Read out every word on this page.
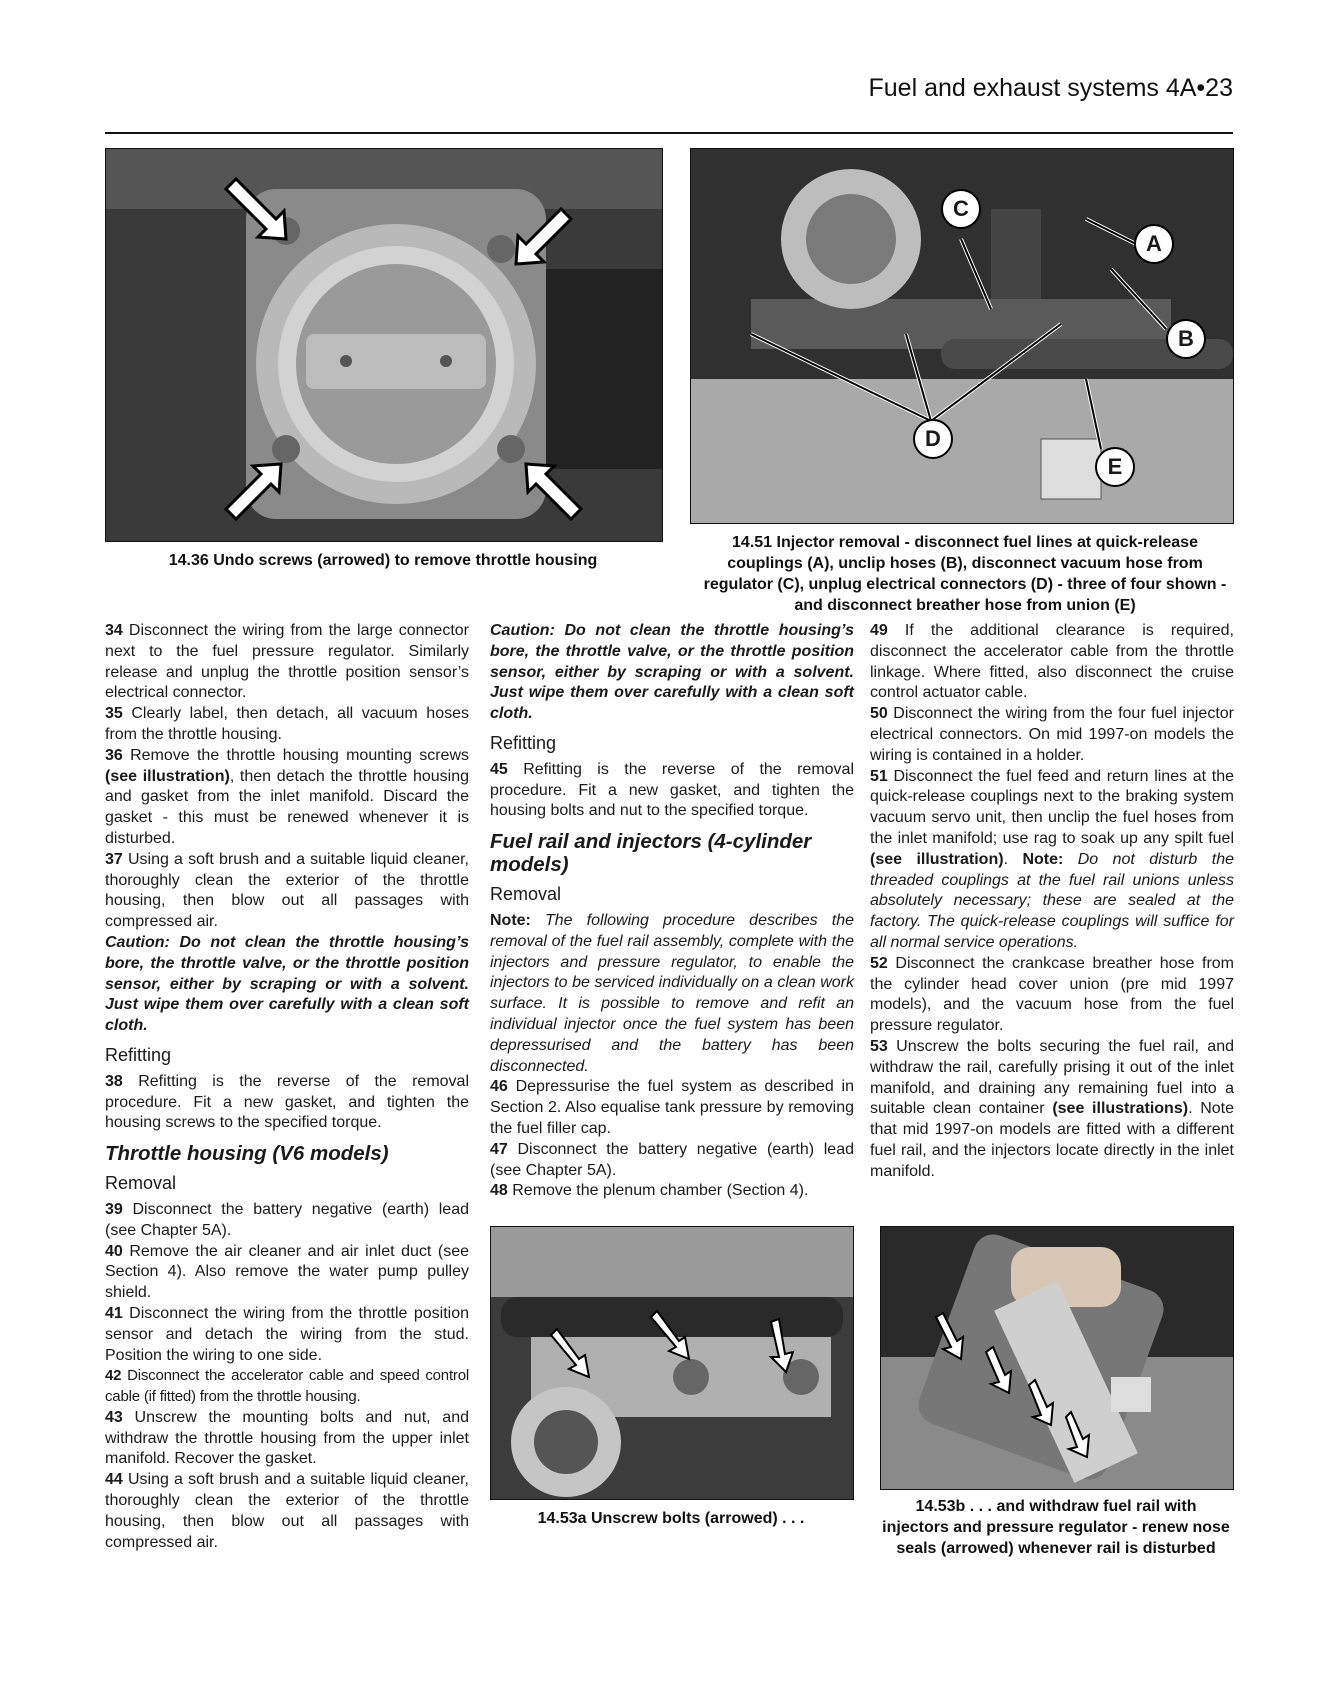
Fuel and exhaust systems 4A•23
14.36 Undo screws (arrowed) to remove throttle housing
A
B
C
D
E
14.51 Injector removal - disconnect fuel lines at quick-release couplings (A), unclip hoses (B), disconnect vacuum hose from regulator (C), unplug electrical connectors (D) - three of four shown - and disconnect breather hose from union (E)

34 Disconnect the wiring from the large connector next to the fuel pressure regulator. Similarly release and unplug the throttle position sensor’s electrical connector.

35 Clearly label, then detach, all vacuum hoses from the throttle housing.

36 Remove the throttle housing mounting screws (see illustration), then detach the throttle housing and gasket from the inlet manifold. Discard the gasket - this must be renewed whenever it is disturbed.

37 Using a soft brush and a suitable liquid cleaner, thoroughly clean the exterior of the throttle housing, then blow out all passages with compressed air.

Caution: Do not clean the throttle housing’s bore, the throttle valve, or the throttle position sensor, either by scraping or with a solvent. Just wipe them over carefully with a clean soft cloth.

Refitting

38 Refitting is the reverse of the removal procedure. Fit a new gasket, and tighten the housing screws to the specified torque.

Throttle housing (V6 models)
Removal

39 Disconnect the battery negative (earth) lead (see Chapter 5A).

40 Remove the air cleaner and air inlet duct (see Section 4). Also remove the water pump pulley shield.

41 Disconnect the wiring from the throttle position sensor and detach the wiring from the stud. Position the wiring to one side.

42 Disconnect the accelerator cable and speed control cable (if fitted) from the throttle housing.

43 Unscrew the mounting bolts and nut, and withdraw the throttle housing from the upper inlet manifold. Recover the gasket.

44 Using a soft brush and a suitable liquid cleaner, thoroughly clean the exterior of the throttle housing, then blow out all passages with compressed air.

Caution: Do not clean the throttle housing’s bore, the throttle valve, or the throttle position sensor, either by scraping or with a solvent. Just wipe them over carefully with a clean soft cloth.

Refitting

45 Refitting is the reverse of the removal procedure. Fit a new gasket, and tighten the housing bolts and nut to the specified torque.

Fuel rail and injectors (4-cylinder models)
Removal

Note: The following procedure describes the removal of the fuel rail assembly, complete with the injectors and pressure regulator, to enable the injectors to be serviced individually on a clean work surface. It is possible to remove and refit an individual injector once the fuel system has been depressurised and the battery has been disconnected.

46 Depressurise the fuel system as described in Section 2. Also equalise tank pressure by removing the fuel filler cap.

47 Disconnect the battery negative (earth) lead (see Chapter 5A).

48 Remove the plenum chamber (Section 4).

49 If the additional clearance is required, disconnect the accelerator cable from the throttle linkage. Where fitted, also disconnect the cruise control actuator cable.

50 Disconnect the wiring from the four fuel injector electrical connectors. On mid 1997-on models the wiring is contained in a holder.

51 Disconnect the fuel feed and return lines at the quick-release couplings next to the braking system vacuum servo unit, then unclip the fuel hoses from the inlet manifold; use rag to soak up any spilt fuel (see illustration). Note: Do not disturb the threaded couplings at the fuel rail unions unless absolutely necessary; these are sealed at the factory. The quick-release couplings will suffice for all normal service operations.

52 Disconnect the crankcase breather hose from the cylinder head cover union (pre mid 1997 models), and the vacuum hose from the fuel pressure regulator.

53 Unscrew the bolts securing the fuel rail, and withdraw the rail, carefully prising it out of the inlet manifold, and draining any remaining fuel into a suitable clean container (see illustrations). Note that mid 1997-on models are fitted with a different fuel rail, and the injectors locate directly in the inlet manifold.

14.53a Unscrew bolts (arrowed) . . .
14.53b . . . and withdraw fuel rail with injectors and pressure regulator - renew nose seals (arrowed) whenever rail is disturbed
